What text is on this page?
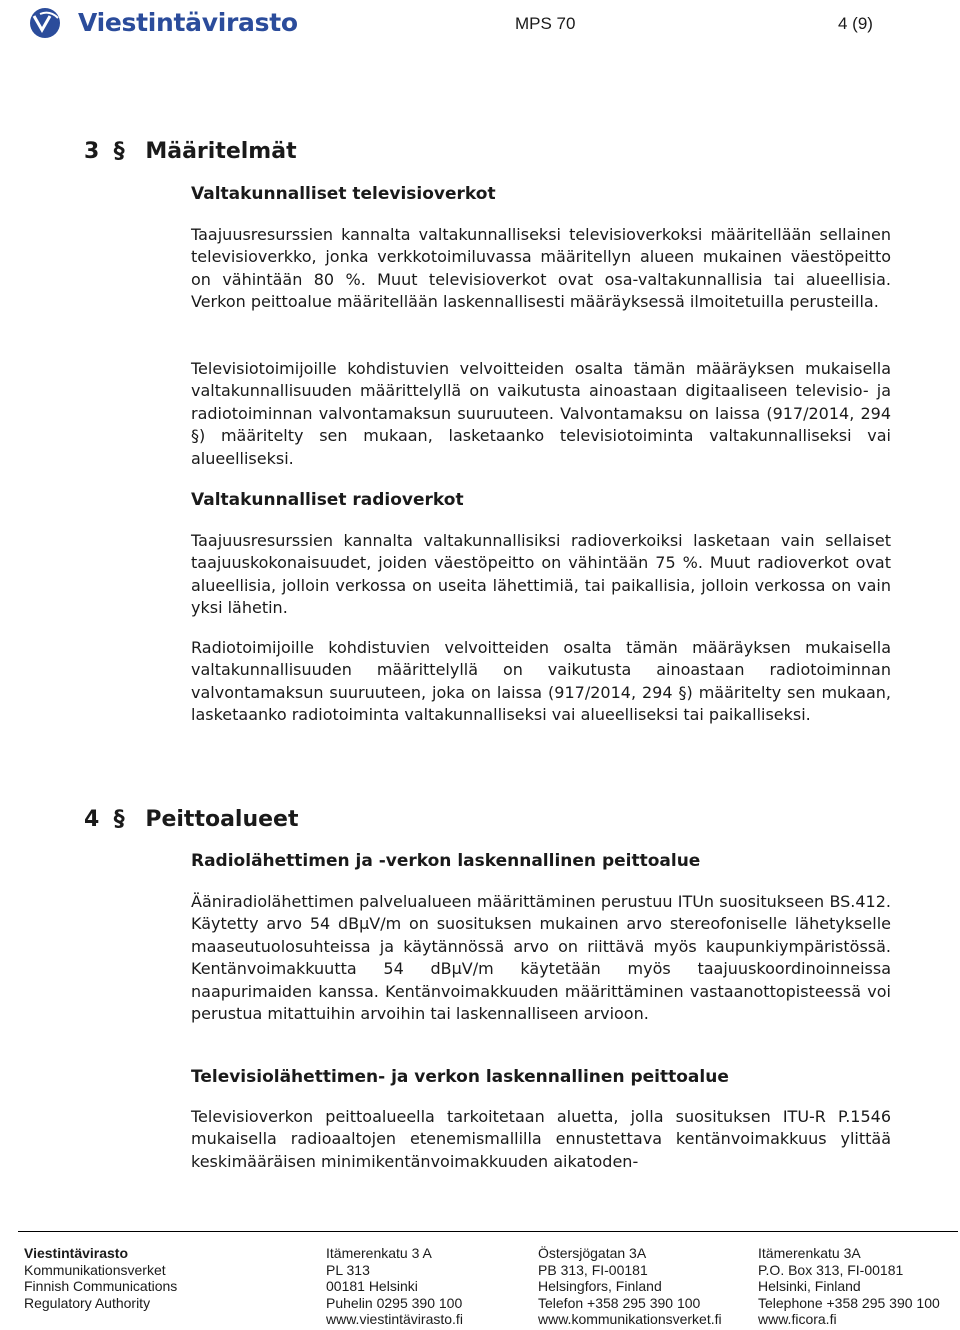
Viestintävirasto	MPS 70	4 (9)
3 § Määritelmät
Valtakunnalliset televisioverkot

Taajuusresurssien kannalta valtakunnalliseksi televisioverkoksi määritellään sellainen televisioverkko, jonka verkkotoimiluvassa määritellyn alueen mukainen väestöpeitto on vähintään 80 %. Muut televisioverkot ovat osa-valtakunnallisia tai alueellisia. Verkon peittoalue määritellään laskennallisesti määräyksessä ilmoitetuilla perusteilla.

Televisiotoimijoille kohdistuvien velvoitteiden osalta tämän määräyksen mukaisella valtakunnallisuuden määrittelyllä on vaikutusta ainoastaan digitaaliseen televisio- ja radiotoiminnan valvontamaksun suuruuteen. Valvontamaksu on laissa (917/2014, 294 §) määritelty sen mukaan, lasketaanko televisiotoiminta valtakunnalliseksi vai alueelliseksi.

Valtakunnalliset radioverkot

Taajuusresurssien kannalta valtakunnallisiksi radioverkoiksi lasketaan vain sellaiset taajuuskokonaisuudet, joiden väestöpeitto on vähintään 75 %. Muut radioverkot ovat alueellisia, jolloin verkossa on useita lähettimiä, tai paikallisia, jolloin verkossa on vain yksi lähetin.

Radiotoimijoille kohdistuvien velvoitteiden osalta tämän määräyksen mukaisella valtakunnallisuuden määrittelyllä on vaikutusta ainoastaan radiotoiminnan valvontamaksun suuruuteen, joka on laissa (917/2014, 294 §) määritelty sen mukaan, lasketaanko radiotoiminta valtakunnalliseksi vai alueelliseksi tai paikalliseksi.

4 § Peittoalueet
Radiolähettimen ja -verkon laskennallinen peittoalue

Ääniradiolähettimen palvelualueen määrittäminen perustuu ITUn suositukseen BS.412. Käytetty arvo 54 dBμV/m on suosituksen mukainen arvo stereofoniselle lähetykselle maaseutuolosuhteissa ja käytännössä arvo on riittävä myös kaupunkiympäristössä. Kentänvoimakkuutta 54 dBμV/m käytetään myös taajuuskoordinoinneissa naapurimaiden kanssa. Kentänvoimakkuuden määrittäminen vastaanottopisteessä voi perustua mitattuihin arvoihin tai laskennalliseen arvioon.

Televisiolähettimen- ja verkon laskennallinen peittoalue

Televisioverkon peittoalueella tarkoitetaan aluetta, jolla suosituksen ITU-R P.1546 mukaisella radioaaltojen etenemismallilla ennustettava kentänvoimakkuus ylittää keskimääräisen minimikentänvoimakkuuden aikatoden-

Viestintävirasto
Kommunikationsverket
Finnish Communications
Regulatory Authority
Itämerenkatu 3 A
PL 313
00181 Helsinki
Puhelin 0295 390 100
www.viestintävirasto.fi
Östersjögatan 3A
PB 313, FI-00181
Helsingfors, Finland
Telefon +358 295 390 100
www.kommunikationsverket.fi
Itämerenkatu 3A
P.O. Box 313, FI-00181
Helsinki, Finland
Telephone +358 295 390 100
www.ficora.fi
